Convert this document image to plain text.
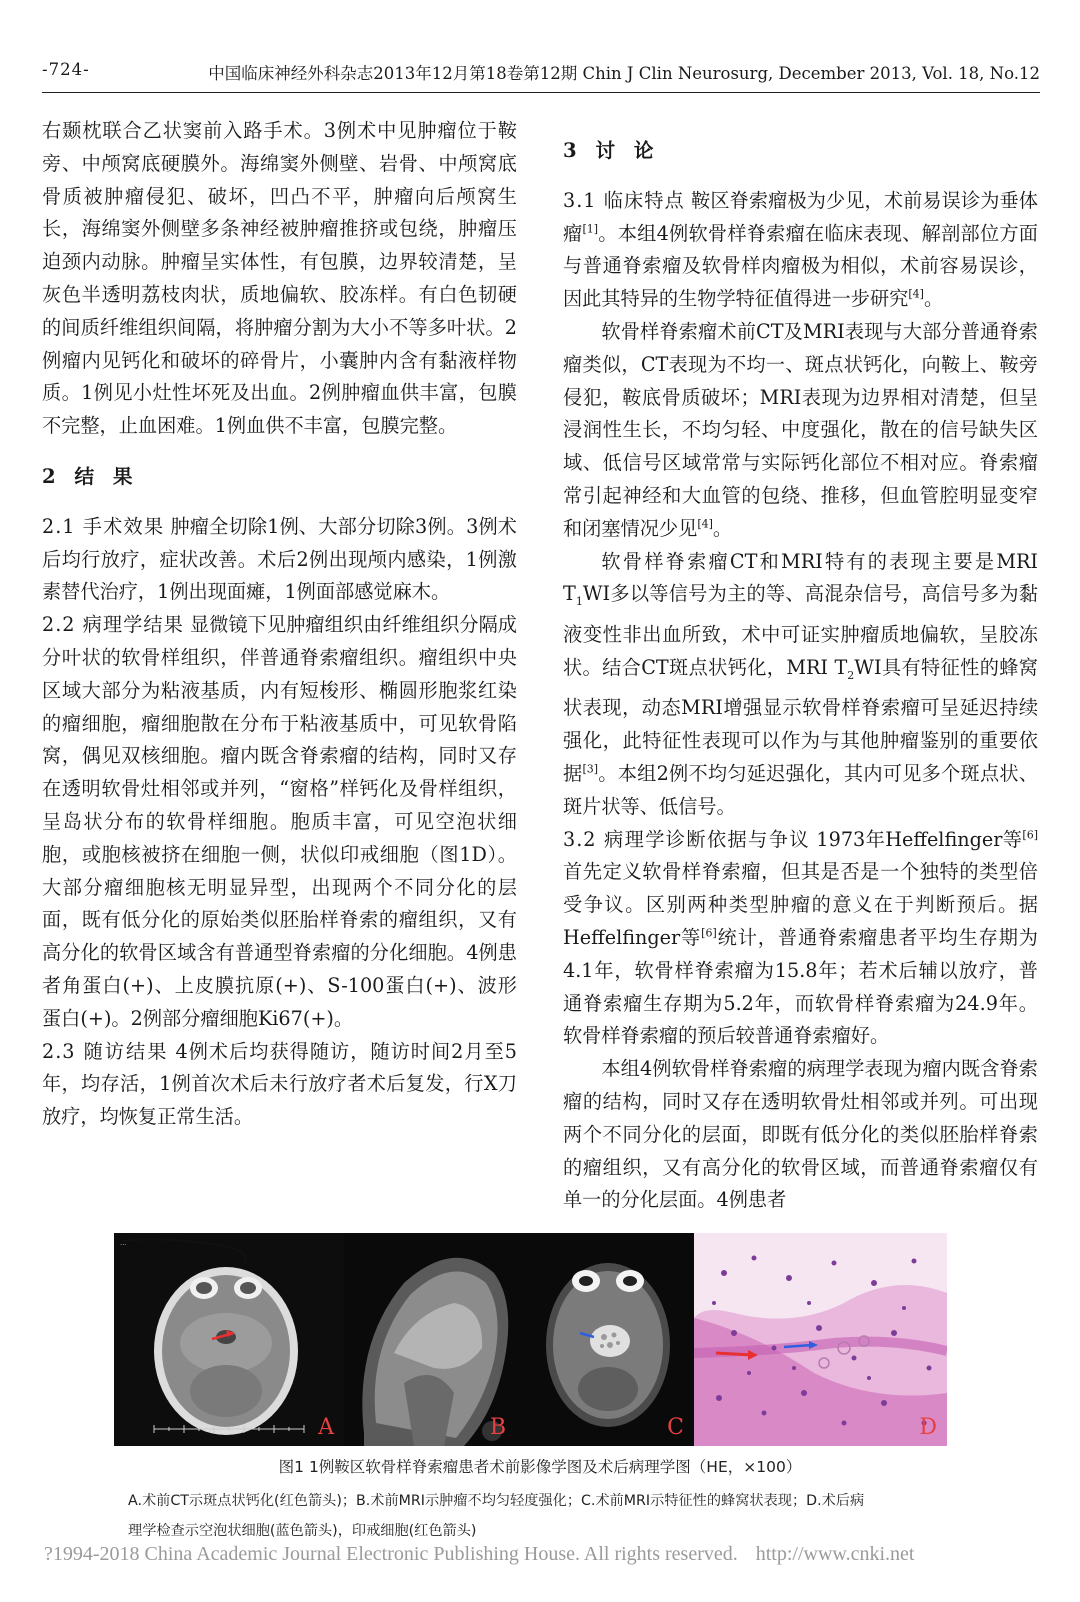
-724-	中国临床神经外科杂志2013年12月第18卷第12期 Chin J Clin Neurosurg, December 2013, Vol. 18, No.12

右颞枕联合乙状窦前入路手术。3例术中见肿瘤位于鞍旁、中颅窝底硬膜外。海绵窦外侧壁、岩骨、中颅窝底骨质被肿瘤侵犯、破坏，凹凸不平，肿瘤向后颅窝生长，海绵窦外侧壁多条神经被肿瘤推挤或包绕，肿瘤压迫颈内动脉。肿瘤呈实体性，有包膜，边界较清楚，呈灰色半透明荔枝肉状，质地偏软、胶冻样。有白色韧硬的间质纤维组织间隔，将肿瘤分割为大小不等多叶状。2例瘤内见钙化和破坏的碎骨片，小囊肿内含有黏液样物质。1例见小灶性坏死及出血。2例肿瘤血供丰富，包膜不完整，止血困难。1例血供不丰富，包膜完整。

2 结 果

2.1 手术效果 肿瘤全切除1例、大部分切除3例。3例术后均行放疗，症状改善。术后2例出现颅内感染，1例激素替代治疗，1例出现面瘫，1例面部感觉麻木。

2.2 病理学结果 显微镜下见肿瘤组织由纤维组织分隔成分叶状的软骨样组织，伴普通脊索瘤组织。瘤组织中央区域大部分为粘液基质，内有短梭形、椭圆形胞浆红染的瘤细胞，瘤细胞散在分布于粘液基质中，可见软骨陷窝，偶见双核细胞。瘤内既含脊索瘤的结构，同时又存在透明软骨灶相邻或并列，“窗格”样钙化及骨样组织，呈岛状分布的软骨样细胞。胞质丰富，可见空泡状细胞，或胞核被挤在细胞一侧，状似印戒细胞（图1D）。大部分瘤细胞核无明显异型，出现两个不同分化的层面，既有低分化的原始类似胚胎样脊索的瘤组织，又有高分化的软骨区域含有普通型脊索瘤的分化细胞。4例患者角蛋白(+)、上皮膜抗原(+)、S-100蛋白(+)、波形蛋白(+)。2例部分瘤细胞Ki67(+)。

2.3 随访结果 4例术后均获得随访，随访时间2月至5年，均存活，1例首次术后未行放疗者术后复发，行X刀放疗，均恢复正常生活。

3 讨 论

3.1 临床特点 鞍区脊索瘤极为少见，术前易误诊为垂体瘤[1]。本组4例软骨样脊索瘤在临床表现、解剖部位方面与普通脊索瘤及软骨样肉瘤极为相似，术前容易误诊，因此其特异的生物学特征值得进一步研究[4]。

软骨样脊索瘤术前CT及MRI表现与大部分普通脊索瘤类似，CT表现为不均一、斑点状钙化，向鞍上、鞍旁侵犯，鞍底骨质破坏；MRI表现为边界相对清楚，但呈浸润性生长，不均匀轻、中度强化，散在的信号缺失区域、低信号区域常常与实际钙化部位不相对应。脊索瘤常引起神经和大血管的包绕、推移，但血管腔明显变窄和闭塞情况少见[4]。

软骨样脊索瘤CT和MRI特有的表现主要是MRI $T_1WI$多以等信号为主的等、高混杂信号，高信号多为黏液变性非出血所致，术中可证实肿瘤质地偏软，呈胶冻状。结合CT斑点状钙化，MRI $T_2WI$具有特征性的蜂窝状表现，动态MRI增强显示软骨样脊索瘤可呈延迟持续强化，此特征性表现可以作为与其他肿瘤鉴别的重要依据[3]。本组2例不均匀延迟强化，其内可见多个斑点状、斑片状等、低信号。

3.2 病理学诊断依据与争议 1973年Heffelfinger等[6]首先定义软骨样脊索瘤，但其是否是一个独特的类型倍受争议。区别两种类型肿瘤的意义在于判断预后。据Heffelfinger等[6]统计，普通脊索瘤患者平均生存期为4.1年，软骨样脊索瘤为15.8年；若术后辅以放疗，普通脊索瘤生存期为5.2年，而软骨样脊索瘤为24.9年。软骨样脊索瘤的预后较普通脊索瘤好。

本组4例软骨样脊索瘤的病理学表现为瘤内既含脊索瘤的结构，同时又存在透明软骨灶相邻或并列。可出现两个不同分化的层面，即既有低分化的类似胚胎样脊索的瘤组织，又有高分化的软骨区域，而普通脊索瘤仅有单一的分化层面。4例患者

···
A	B	C	D
图1 1例鞍区软骨样脊索瘤患者术前影像学图及术后病理学图（HE，×100）
A.术前CT示斑点状钙化(红色箭头)；B.术前MRI示肿瘤不均匀轻度强化；C.术前MRI示特征性的蜂窝状表现；D.术后病
理学检查示空泡状细胞(蓝色箭头)，印戒细胞(红色箭头)
?1994-2018 China Academic Journal Electronic Publishing House. All rights reserved. http://www.cnki.net
